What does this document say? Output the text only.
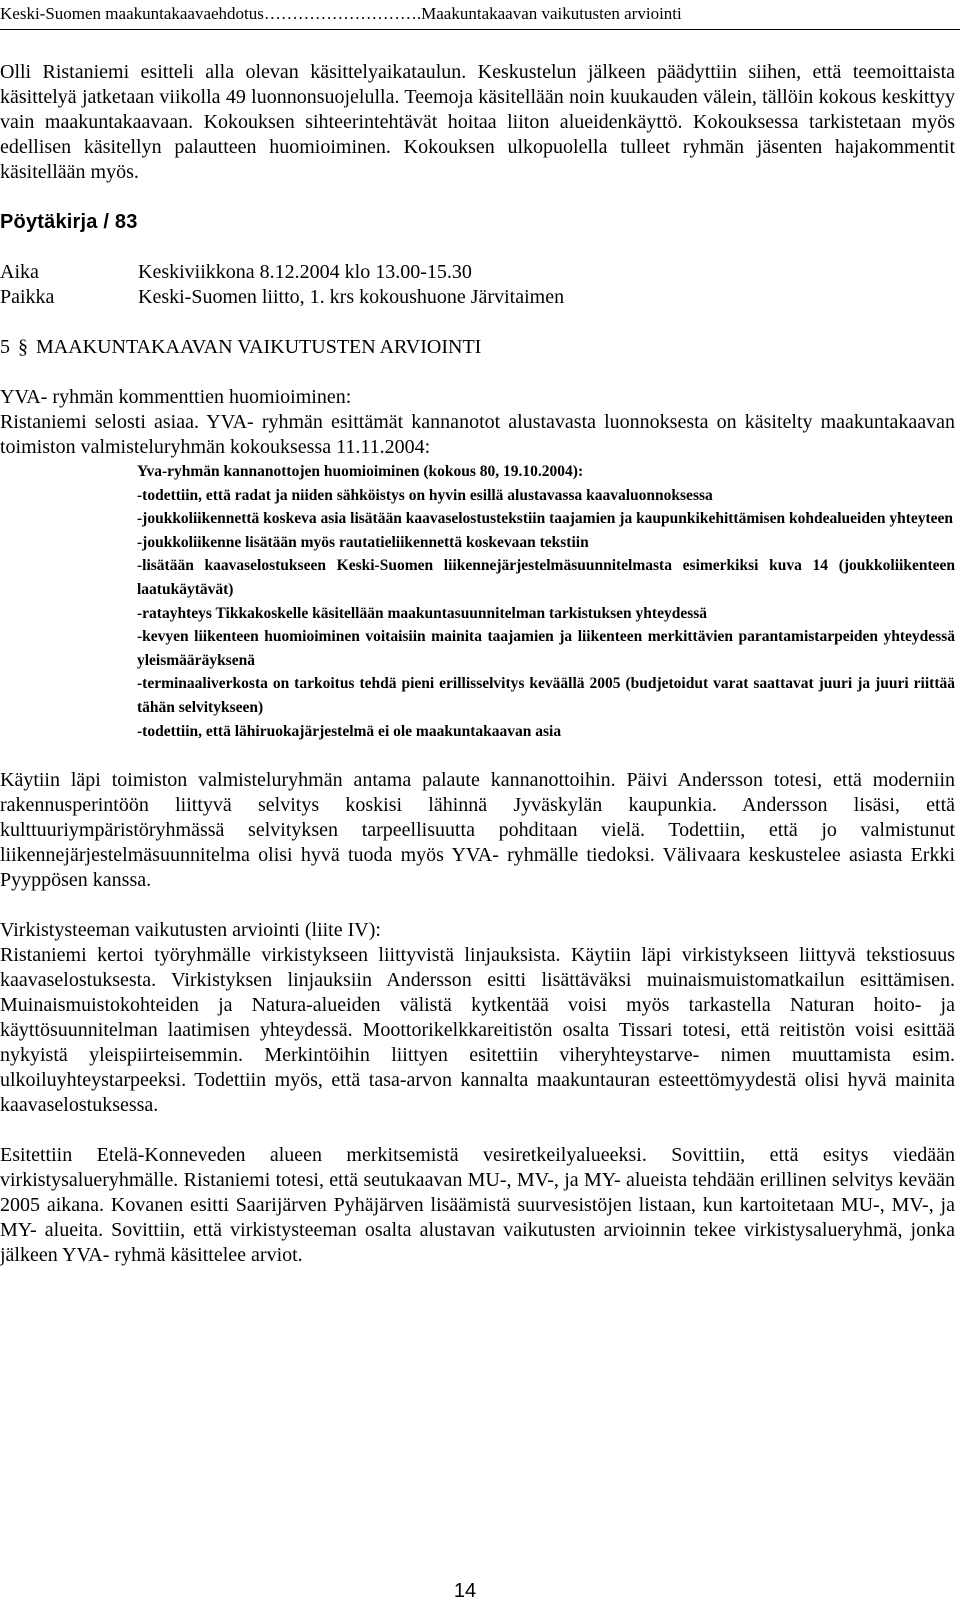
Keski-Suomen maakuntakaavaehdotus……………………….Maakuntakaavan vaikutusten arviointi

Olli Ristaniemi esitteli alla olevan käsittelyaikataulun. Keskustelun jälkeen päädyttiin siihen, että teemoittaista käsittelyä jatketaan viikolla 49 luonnonsuojelulla. Teemoja käsitellään noin kuukauden välein, tällöin kokous keskittyy vain maakuntakaavaan. Kokouksen sihteerintehtävät hoitaa liiton alueidenkäyttö. Kokouksessa tarkistetaan myös edellisen käsitellyn palautteen huomioiminen. Kokouksen ulkopuolella tulleet ryhmän jäsenten hajakommentit käsitellään myös.

Pöytäkirja / 83
Aika	Keskiviikkona 8.12.2004 klo 13.00-15.30
Paikka	Keski-Suomen liitto, 1. krs kokoushuone Järvitaimen
5 § MAAKUNTAKAAVAN VAIKUTUSTEN ARVIOINTI
YVA- ryhmän kommenttien huomioiminen:

Ristaniemi selosti asiaa. YVA- ryhmän esittämät kannanotot alustavasta luonnoksesta on käsitelty maakuntakaavan toimiston valmisteluryhmän kokouksessa 11.11.2004:

Yva-ryhmän kannanottojen huomioiminen (kokous 80, 19.10.2004):
-todettiin, että radat ja niiden sähköistys on hyvin esillä alustavassa kaavaluonnoksessa
-joukkoliikennettä koskeva asia lisätään kaavaselostustekstiin taajamien ja kaupunkikehittämisen kohdealueiden yhteyteen
-joukkoliikenne lisätään myös rautatieliikennettä koskevaan tekstiin
-lisätään kaavaselostukseen Keski-Suomen liikennejärjestelmäsuunnitelmasta esimerkiksi kuva 14 (joukkoliikenteen laatukäytävät)
-ratayhteys Tikkakoskelle käsitellään maakuntasuunnitelman tarkistuksen yhteydessä
-kevyen liikenteen huomioiminen voitaisiin mainita taajamien ja liikenteen merkittävien parantamistarpeiden yhteydessä yleismääräyksenä
-terminaaliverkosta on tarkoitus tehdä pieni erillisselvitys keväällä 2005 (budjetoidut varat saattavat juuri ja juuri riittää tähän selvitykseen)
-todettiin, että lähiruokajärjestelmä ei ole maakuntakaavan asia

Käytiin läpi toimiston valmisteluryhmän antama palaute kannanottoihin. Päivi Andersson totesi, että moderniin rakennusperintöön liittyvä selvitys koskisi lähinnä Jyväskylän kaupunkia. Andersson lisäsi, että kulttuuriympäristöryhmässä selvityksen tarpeellisuutta pohditaan vielä. Todettiin, että jo valmistunut liikennejärjestelmäsuunnitelma olisi hyvä tuoda myös YVA- ryhmälle tiedoksi. Välivaara keskustelee asiasta Erkki Pyyppösen kanssa.

Virkistysteeman vaikutusten arviointi (liite IV):

Ristaniemi kertoi työryhmälle virkistykseen liittyvistä linjauksista. Käytiin läpi virkistykseen liittyvä tekstiosuus kaavaselostuksesta. Virkistyksen linjauksiin Andersson esitti lisättäväksi muinaismuistomatkailun esittämisen. Muinaismuistokohteiden ja Natura-alueiden välistä kytkentää voisi myös tarkastella Naturan hoito- ja käyttösuunnitelman laatimisen yhteydessä. Moottorikelkkareitistön osalta Tissari totesi, että reitistön voisi esittää nykyistä yleispiirteisemmin. Merkintöihin liittyen esitettiin viheryhteystarve- nimen muuttamista esim. ulkoiluyhteystarpeeksi. Todettiin myös, että tasa-arvon kannalta maakuntauran esteettömyydestä olisi hyvä mainita kaavaselostuksessa.

Esitettiin Etelä-Konneveden alueen merkitsemistä vesiretkeilyalueeksi. Sovittiin, että esitys viedään virkistysalueryhmälle. Ristaniemi totesi, että seutukaavan MU-, MV-, ja MY- alueista tehdään erillinen selvitys kevään 2005 aikana. Kovanen esitti Saarijärven Pyhäjärven lisäämistä suurvesistöjen listaan, kun kartoitetaan MU-, MV-, ja MY- alueita. Sovittiin, että virkistysteeman osalta alustavan vaikutusten arvioinnin tekee virkistysalueryhmä, jonka jälkeen YVA- ryhmä käsittelee arviot.

14
